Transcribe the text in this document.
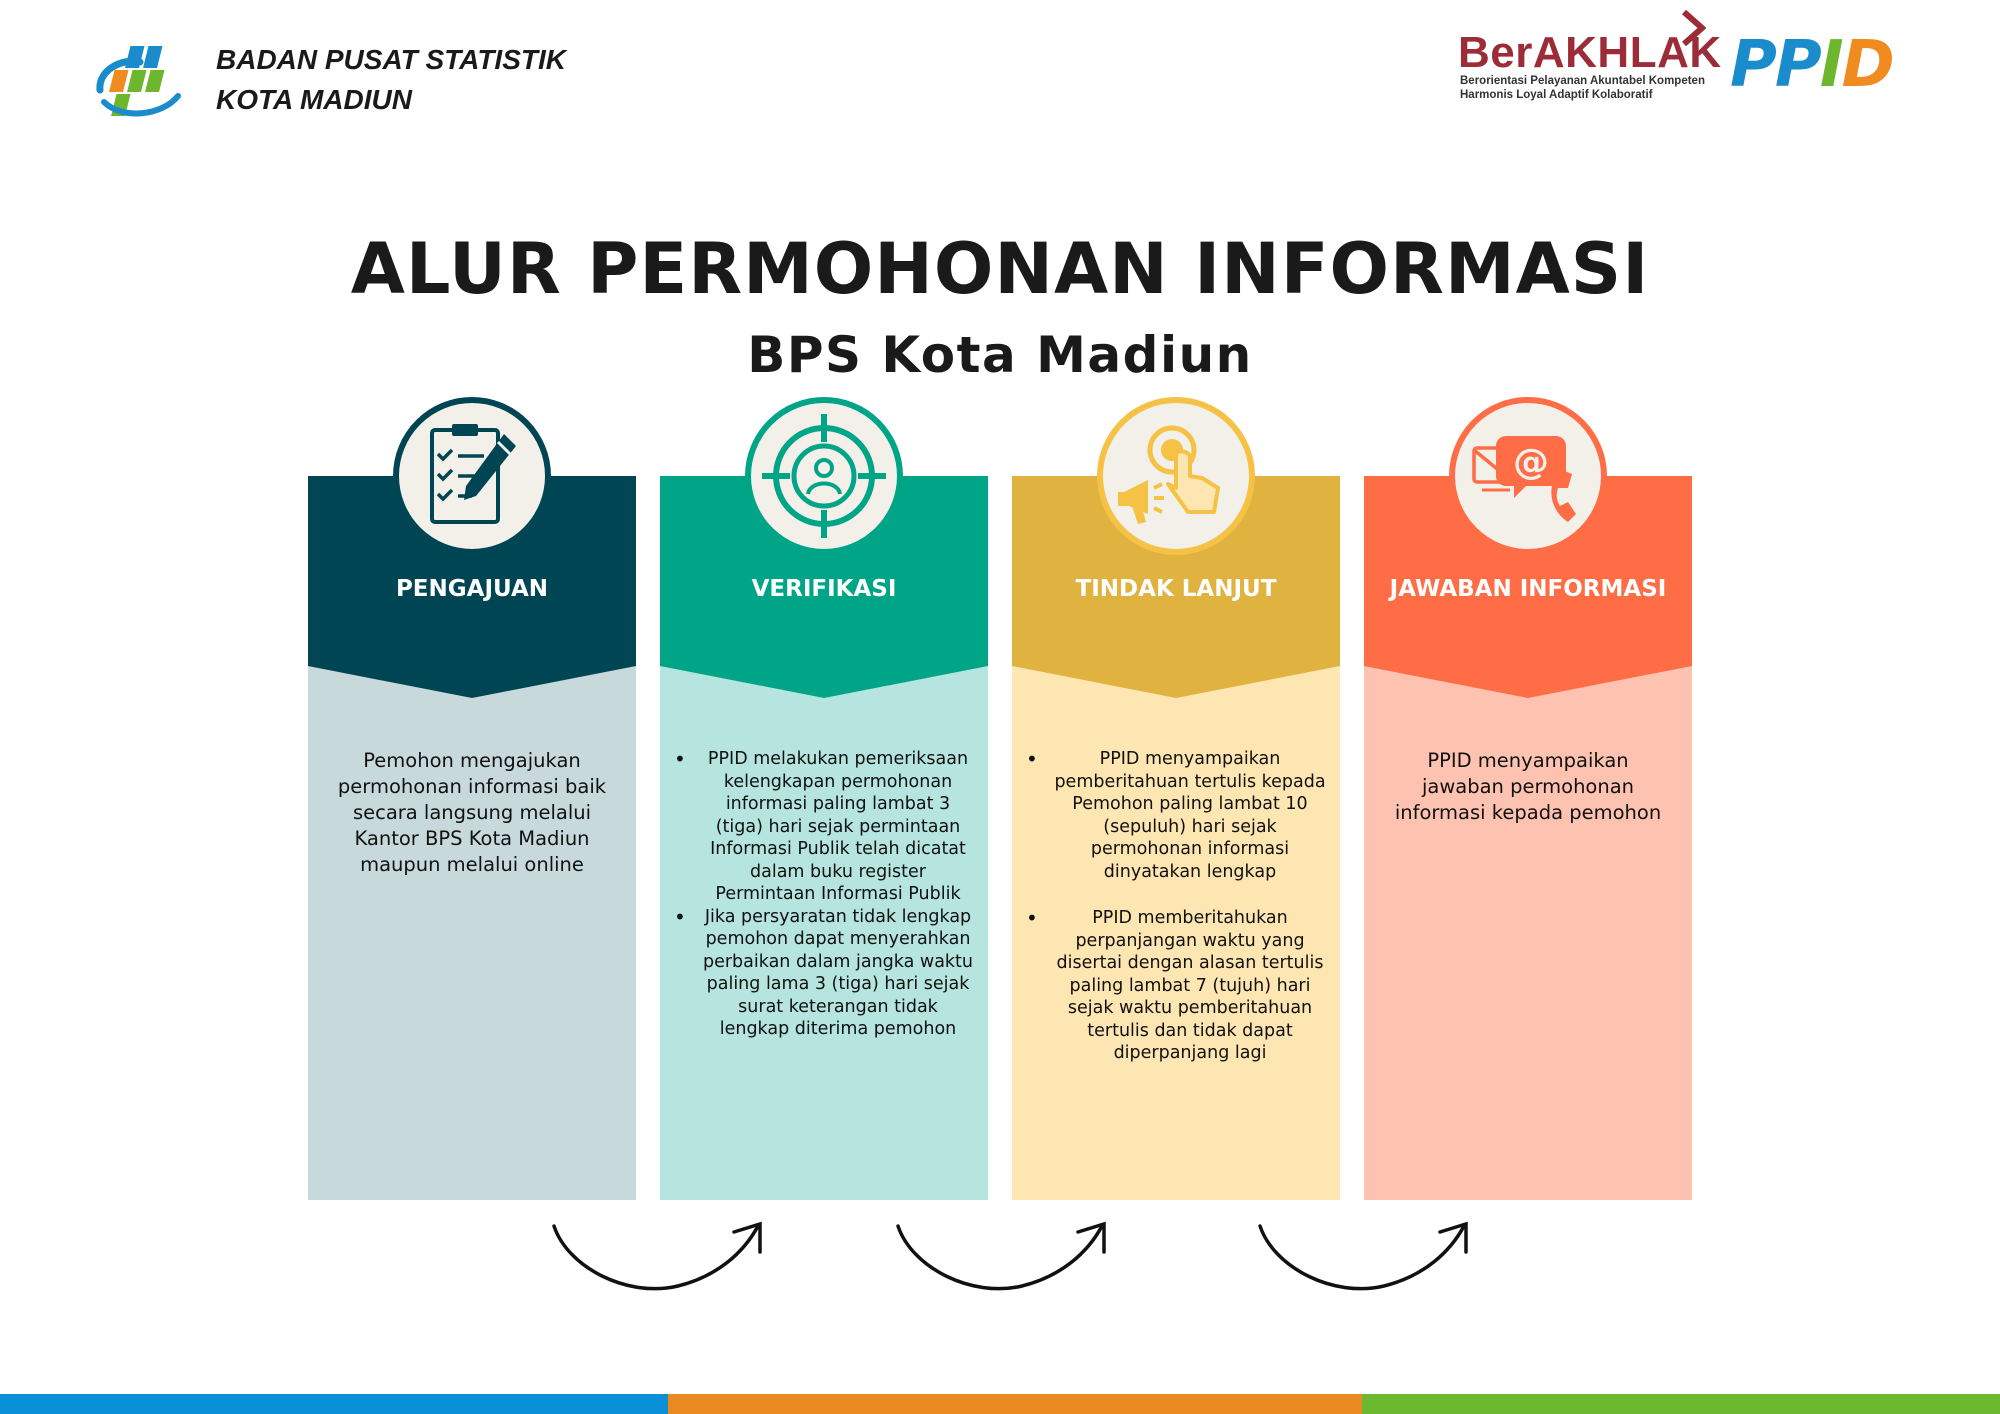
BADAN PUSAT STATISTIK
KOTA MADIUN
BerAKHLAK
Berorientasi Pelayanan Akuntabel Kompeten
Harmonis Loyal Adaptif Kolaboratif	PPID
ALUR PERMOHONAN INFORMASI
BPS Kota Madiun
PENGAJUAN
Pemohon mengajukan permohonan informasi baik secara langsung melalui Kantor BPS Kota Madiun maupun melalui online
VERIFIKASI
• PPID melakukan pemeriksaan kelengkapan permohonan informasi paling lambat 3 (tiga) hari sejak permintaan Informasi Publik telah dicatat dalam buku register Permintaan Informasi Publik
• Jika persyaratan tidak lengkap pemohon dapat menyerahkan perbaikan dalam jangka waktu paling lama 3 (tiga) hari sejak surat keterangan tidak lengkap diterima pemohon
TINDAK LANJUT
• PPID menyampaikan pemberitahuan tertulis kepada Pemohon paling lambat 10 (sepuluh) hari sejak permohonan informasi dinyatakan lengkap
• PPID memberitahukan perpanjangan waktu yang disertai dengan alasan tertulis paling lambat 7 (tujuh) hari sejak waktu pemberitahuan tertulis dan tidak dapat diperpanjang lagi
JAWABAN INFORMASI
PPID menyampaikan jawaban permohonan informasi kepada pemohon
@
